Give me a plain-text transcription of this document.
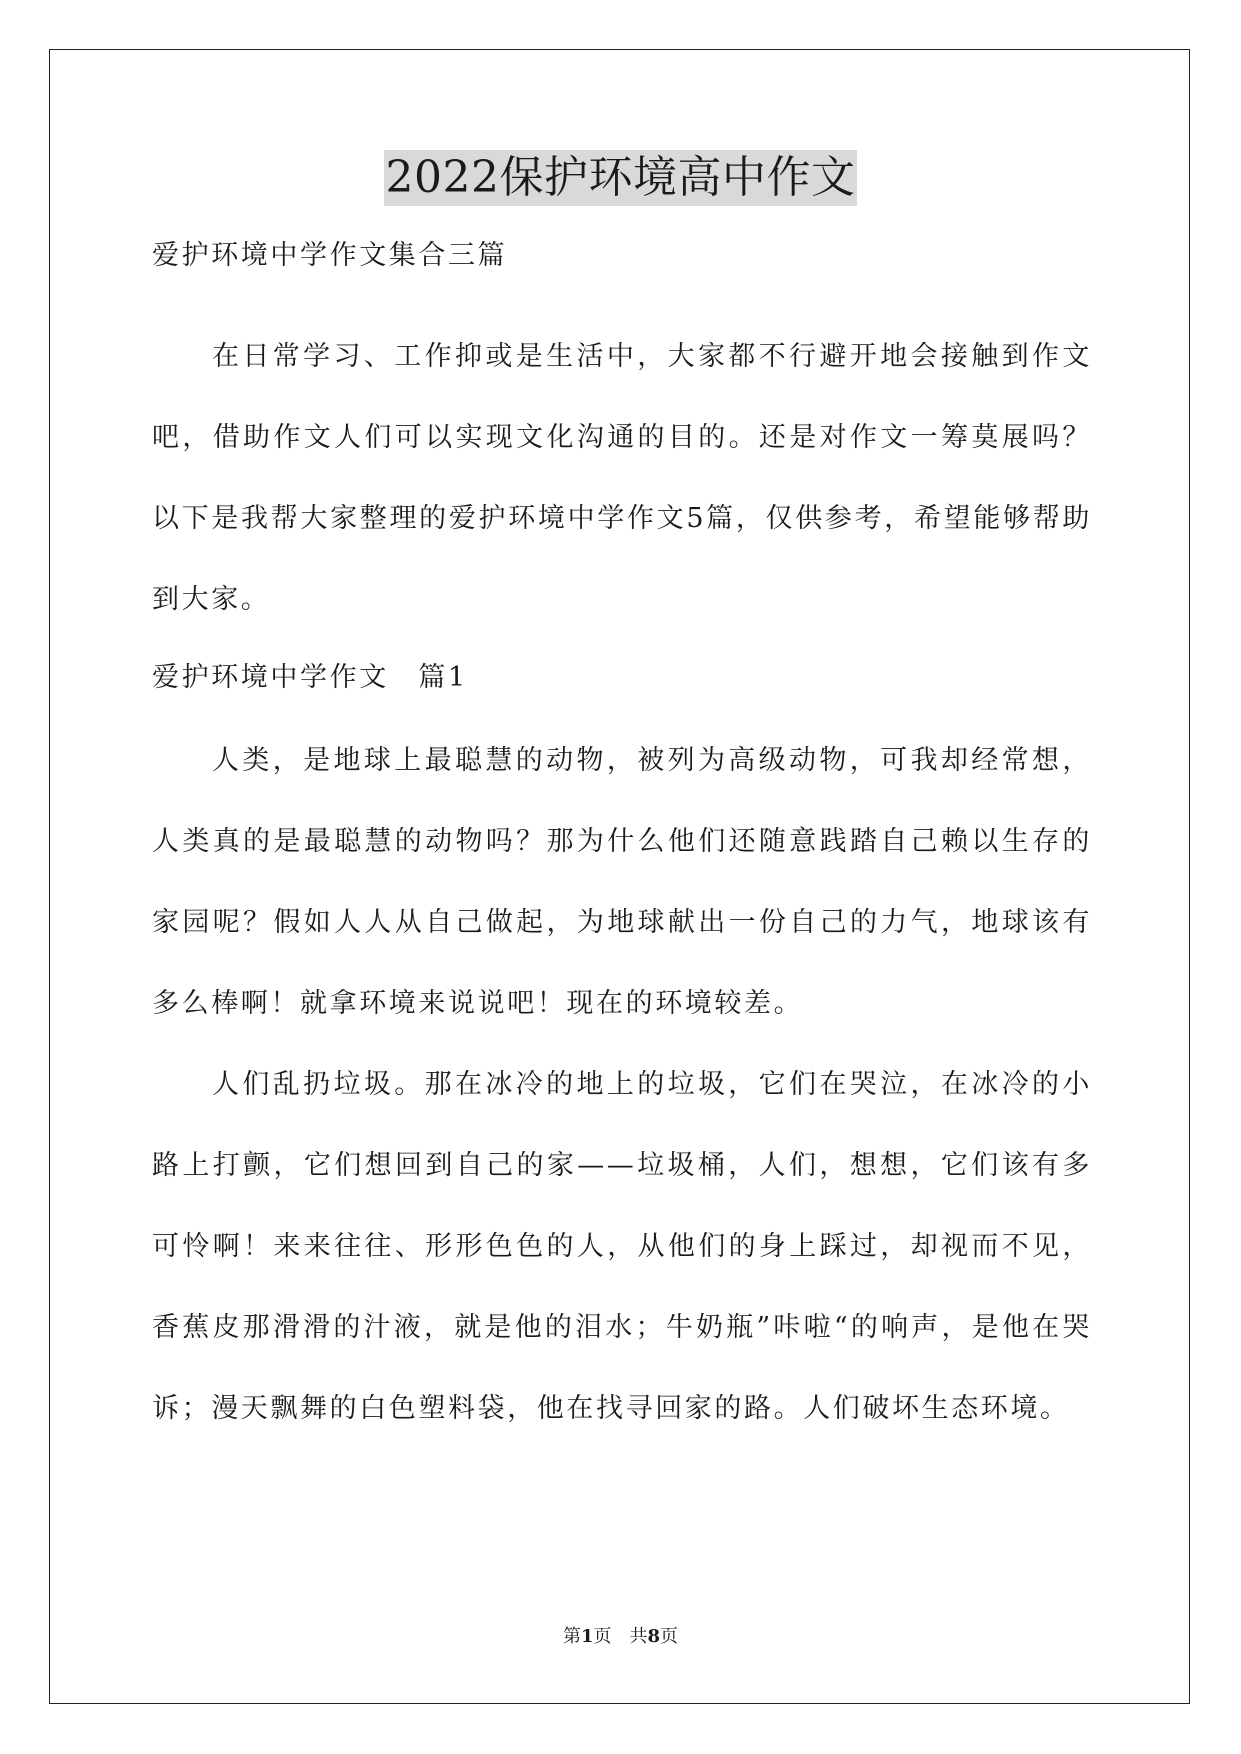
2022保护环境高中作文
爱护环境中学作文集合三篇

在日常学习、工作抑或是生活中，大家都不行避开地会接触到作文吧，借助作文人们可以实现文化沟通的目的。还是对作文一筹莫展吗？以下是我帮大家整理的爱护环境中学作文5篇，仅供参考，希望能够帮助到大家。

爱护环境中学作文　篇1

人类，是地球上最聪慧的动物，被列为高级动物，可我却经常想，人类真的是最聪慧的动物吗？那为什么他们还随意践踏自己赖以生存的家园呢？假如人人从自己做起，为地球献出一份自己的力气，地球该有多么棒啊！就拿环境来说说吧！现在的环境较差。

人们乱扔垃圾。那在冰冷的地上的垃圾，它们在哭泣，在冰冷的小路上打颤，它们想回到自己的家——垃圾桶，人们，想想，它们该有多可怜啊！来来往往、形形色色的人，从他们的身上踩过，却视而不见，香蕉皮那滑滑的汁液，就是他的泪水；牛奶瓶”咔啦“的响声，是他在哭诉；漫天飘舞的白色塑料袋，他在找寻回家的路。人们破坏生态环境。

第1页　共8页
